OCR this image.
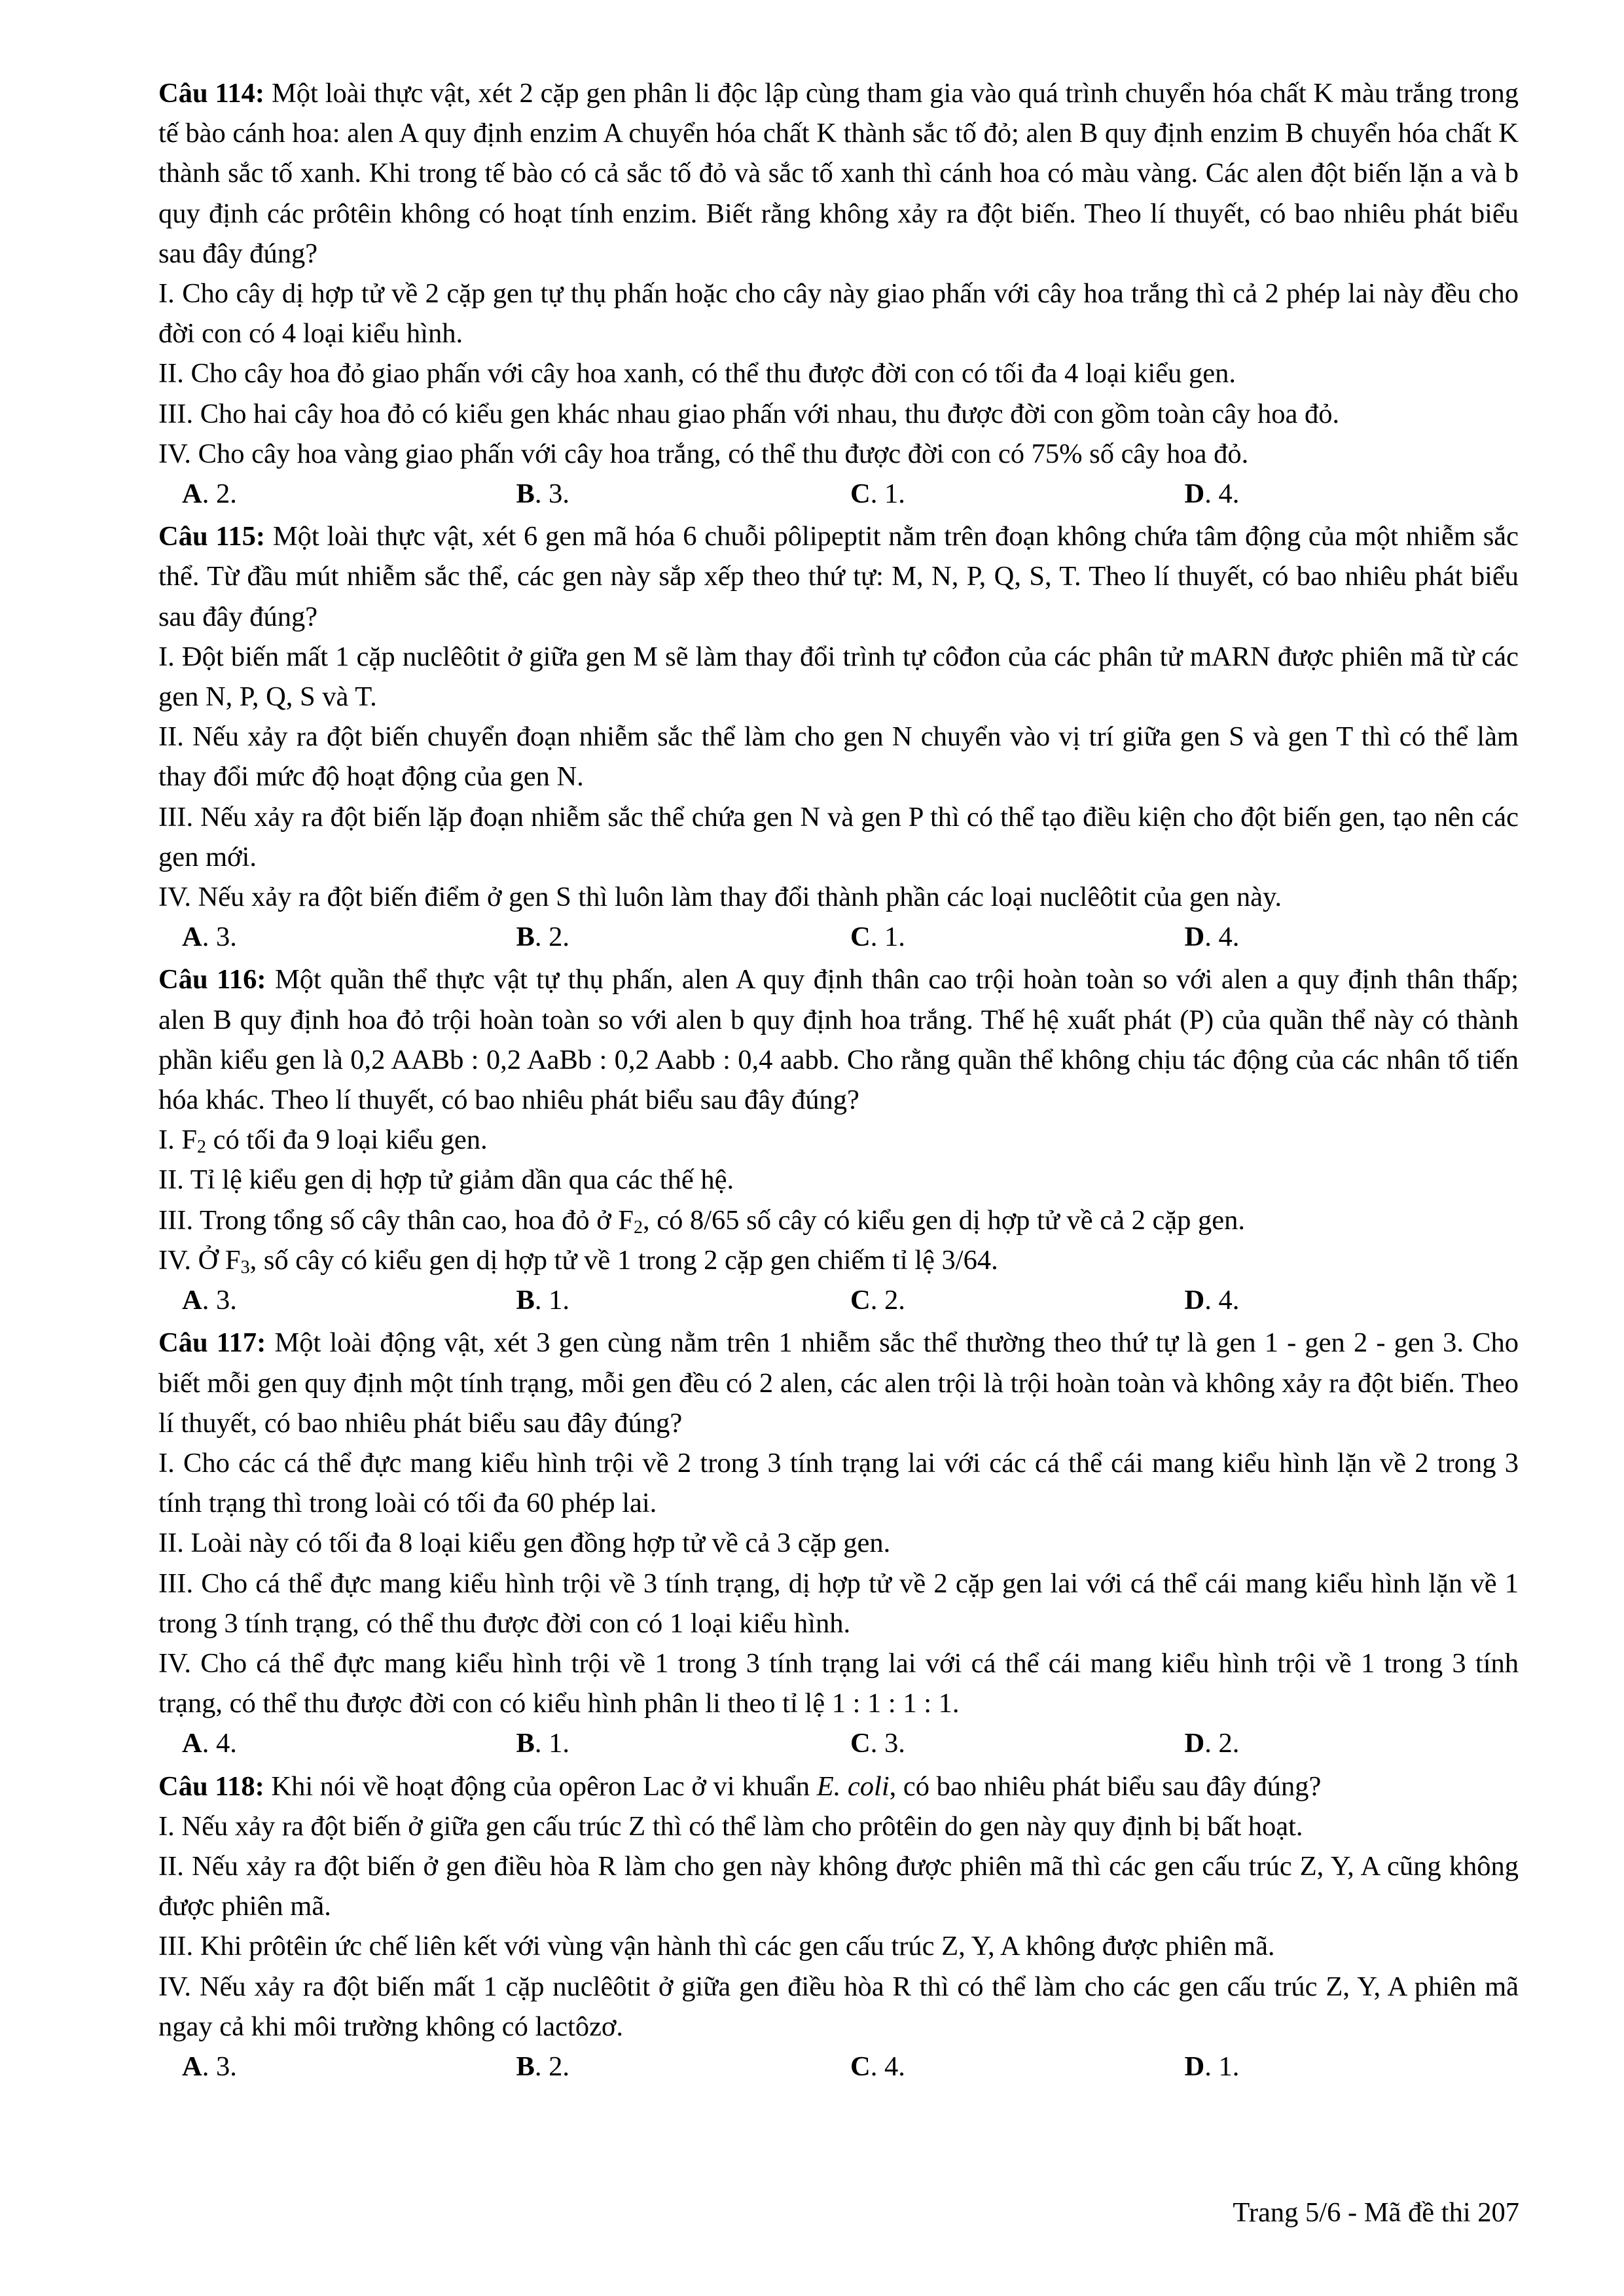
Câu 114: Một loài thực vật, xét 2 cặp gen phân li độc lập cùng tham gia vào quá trình chuyển hóa chất K màu trắng trong tế bào cánh hoa: alen A quy định enzim A chuyển hóa chất K thành sắc tố đỏ; alen B quy định enzim B chuyển hóa chất K thành sắc tố xanh. Khi trong tế bào có cả sắc tố đỏ và sắc tố xanh thì cánh hoa có màu vàng. Các alen đột biến lặn a và b quy định các prôtêin không có hoạt tính enzim. Biết rằng không xảy ra đột biến. Theo lí thuyết, có bao nhiêu phát biểu sau đây đúng?
I. Cho cây dị hợp tử về 2 cặp gen tự thụ phấn hoặc cho cây này giao phấn với cây hoa trắng thì cả 2 phép lai này đều cho đời con có 4 loại kiểu hình.
II. Cho cây hoa đỏ giao phấn với cây hoa xanh, có thể thu được đời con có tối đa 4 loại kiểu gen.
III. Cho hai cây hoa đỏ có kiểu gen khác nhau giao phấn với nhau, thu được đời con gồm toàn cây hoa đỏ.
IV. Cho cây hoa vàng giao phấn với cây hoa trắng, có thể thu được đời con có 75% số cây hoa đỏ.
A. 2.	B. 3.	C. 1.	D. 4.
Câu 115: Một loài thực vật, xét 6 gen mã hóa 6 chuỗi pôlipeptit nằm trên đoạn không chứa tâm động của một nhiễm sắc thể. Từ đầu mút nhiễm sắc thể, các gen này sắp xếp theo thứ tự: M, N, P, Q, S, T. Theo lí thuyết, có bao nhiêu phát biểu sau đây đúng?
I. Đột biến mất 1 cặp nuclêôtit ở giữa gen M sẽ làm thay đổi trình tự côđon của các phân tử mARN được phiên mã từ các gen N, P, Q, S và T.
II. Nếu xảy ra đột biến chuyển đoạn nhiễm sắc thể làm cho gen N chuyển vào vị trí giữa gen S và gen T thì có thể làm thay đổi mức độ hoạt động của gen N.
III. Nếu xảy ra đột biến lặp đoạn nhiễm sắc thể chứa gen N và gen P thì có thể tạo điều kiện cho đột biến gen, tạo nên các gen mới.
IV. Nếu xảy ra đột biến điểm ở gen S thì luôn làm thay đổi thành phần các loại nuclêôtit của gen này.
A. 3.	B. 2.	C. 1.	D. 4.
Câu 116: Một quần thể thực vật tự thụ phấn, alen A quy định thân cao trội hoàn toàn so với alen a quy định thân thấp; alen B quy định hoa đỏ trội hoàn toàn so với alen b quy định hoa trắng. Thế hệ xuất phát (P) của quần thể này có thành phần kiểu gen là 0,2 AABb : 0,2 AaBb : 0,2 Aabb : 0,4 aabb. Cho rằng quần thể không chịu tác động của các nhân tố tiến hóa khác. Theo lí thuyết, có bao nhiêu phát biểu sau đây đúng?
I. $F_2$ có tối đa 9 loại kiểu gen.
II. Tỉ lệ kiểu gen dị hợp tử giảm dần qua các thế hệ.
III. Trong tổng số cây thân cao, hoa đỏ ở $F_2$, có 8/65 số cây có kiểu gen dị hợp tử về cả 2 cặp gen.
IV. Ở $F_3$, số cây có kiểu gen dị hợp tử về 1 trong 2 cặp gen chiếm tỉ lệ 3/64.
A. 3.	B. 1.	C. 2.	D. 4.
Câu 117: Một loài động vật, xét 3 gen cùng nằm trên 1 nhiễm sắc thể thường theo thứ tự là gen 1 - gen 2 - gen 3. Cho biết mỗi gen quy định một tính trạng, mỗi gen đều có 2 alen, các alen trội là trội hoàn toàn và không xảy ra đột biến. Theo lí thuyết, có bao nhiêu phát biểu sau đây đúng?
I. Cho các cá thể đực mang kiểu hình trội về 2 trong 3 tính trạng lai với các cá thể cái mang kiểu hình lặn về 2 trong 3 tính trạng thì trong loài có tối đa 60 phép lai.
II. Loài này có tối đa 8 loại kiểu gen đồng hợp tử về cả 3 cặp gen.
III. Cho cá thể đực mang kiểu hình trội về 3 tính trạng, dị hợp tử về 2 cặp gen lai với cá thể cái mang kiểu hình lặn về 1 trong 3 tính trạng, có thể thu được đời con có 1 loại kiểu hình.
IV. Cho cá thể đực mang kiểu hình trội về 1 trong 3 tính trạng lai với cá thể cái mang kiểu hình trội về 1 trong 3 tính trạng, có thể thu được đời con có kiểu hình phân li theo tỉ lệ 1 : 1 : 1 : 1.
A. 4.	B. 1.	C. 3.	D. 2.
Câu 118: Khi nói về hoạt động của opêron Lac ở vi khuẩn E. coli, có bao nhiêu phát biểu sau đây đúng?
I. Nếu xảy ra đột biến ở giữa gen cấu trúc Z thì có thể làm cho prôtêin do gen này quy định bị bất hoạt.
II. Nếu xảy ra đột biến ở gen điều hòa R làm cho gen này không được phiên mã thì các gen cấu trúc Z, Y, A cũng không được phiên mã.
III. Khi prôtêin ức chế liên kết với vùng vận hành thì các gen cấu trúc Z, Y, A không được phiên mã.
IV. Nếu xảy ra đột biến mất 1 cặp nuclêôtit ở giữa gen điều hòa R thì có thể làm cho các gen cấu trúc Z, Y, A phiên mã ngay cả khi môi trường không có lactôzơ.
A. 3.	B. 2.	C. 4.	D. 1.
Trang 5/6 - Mã đề thi 207
